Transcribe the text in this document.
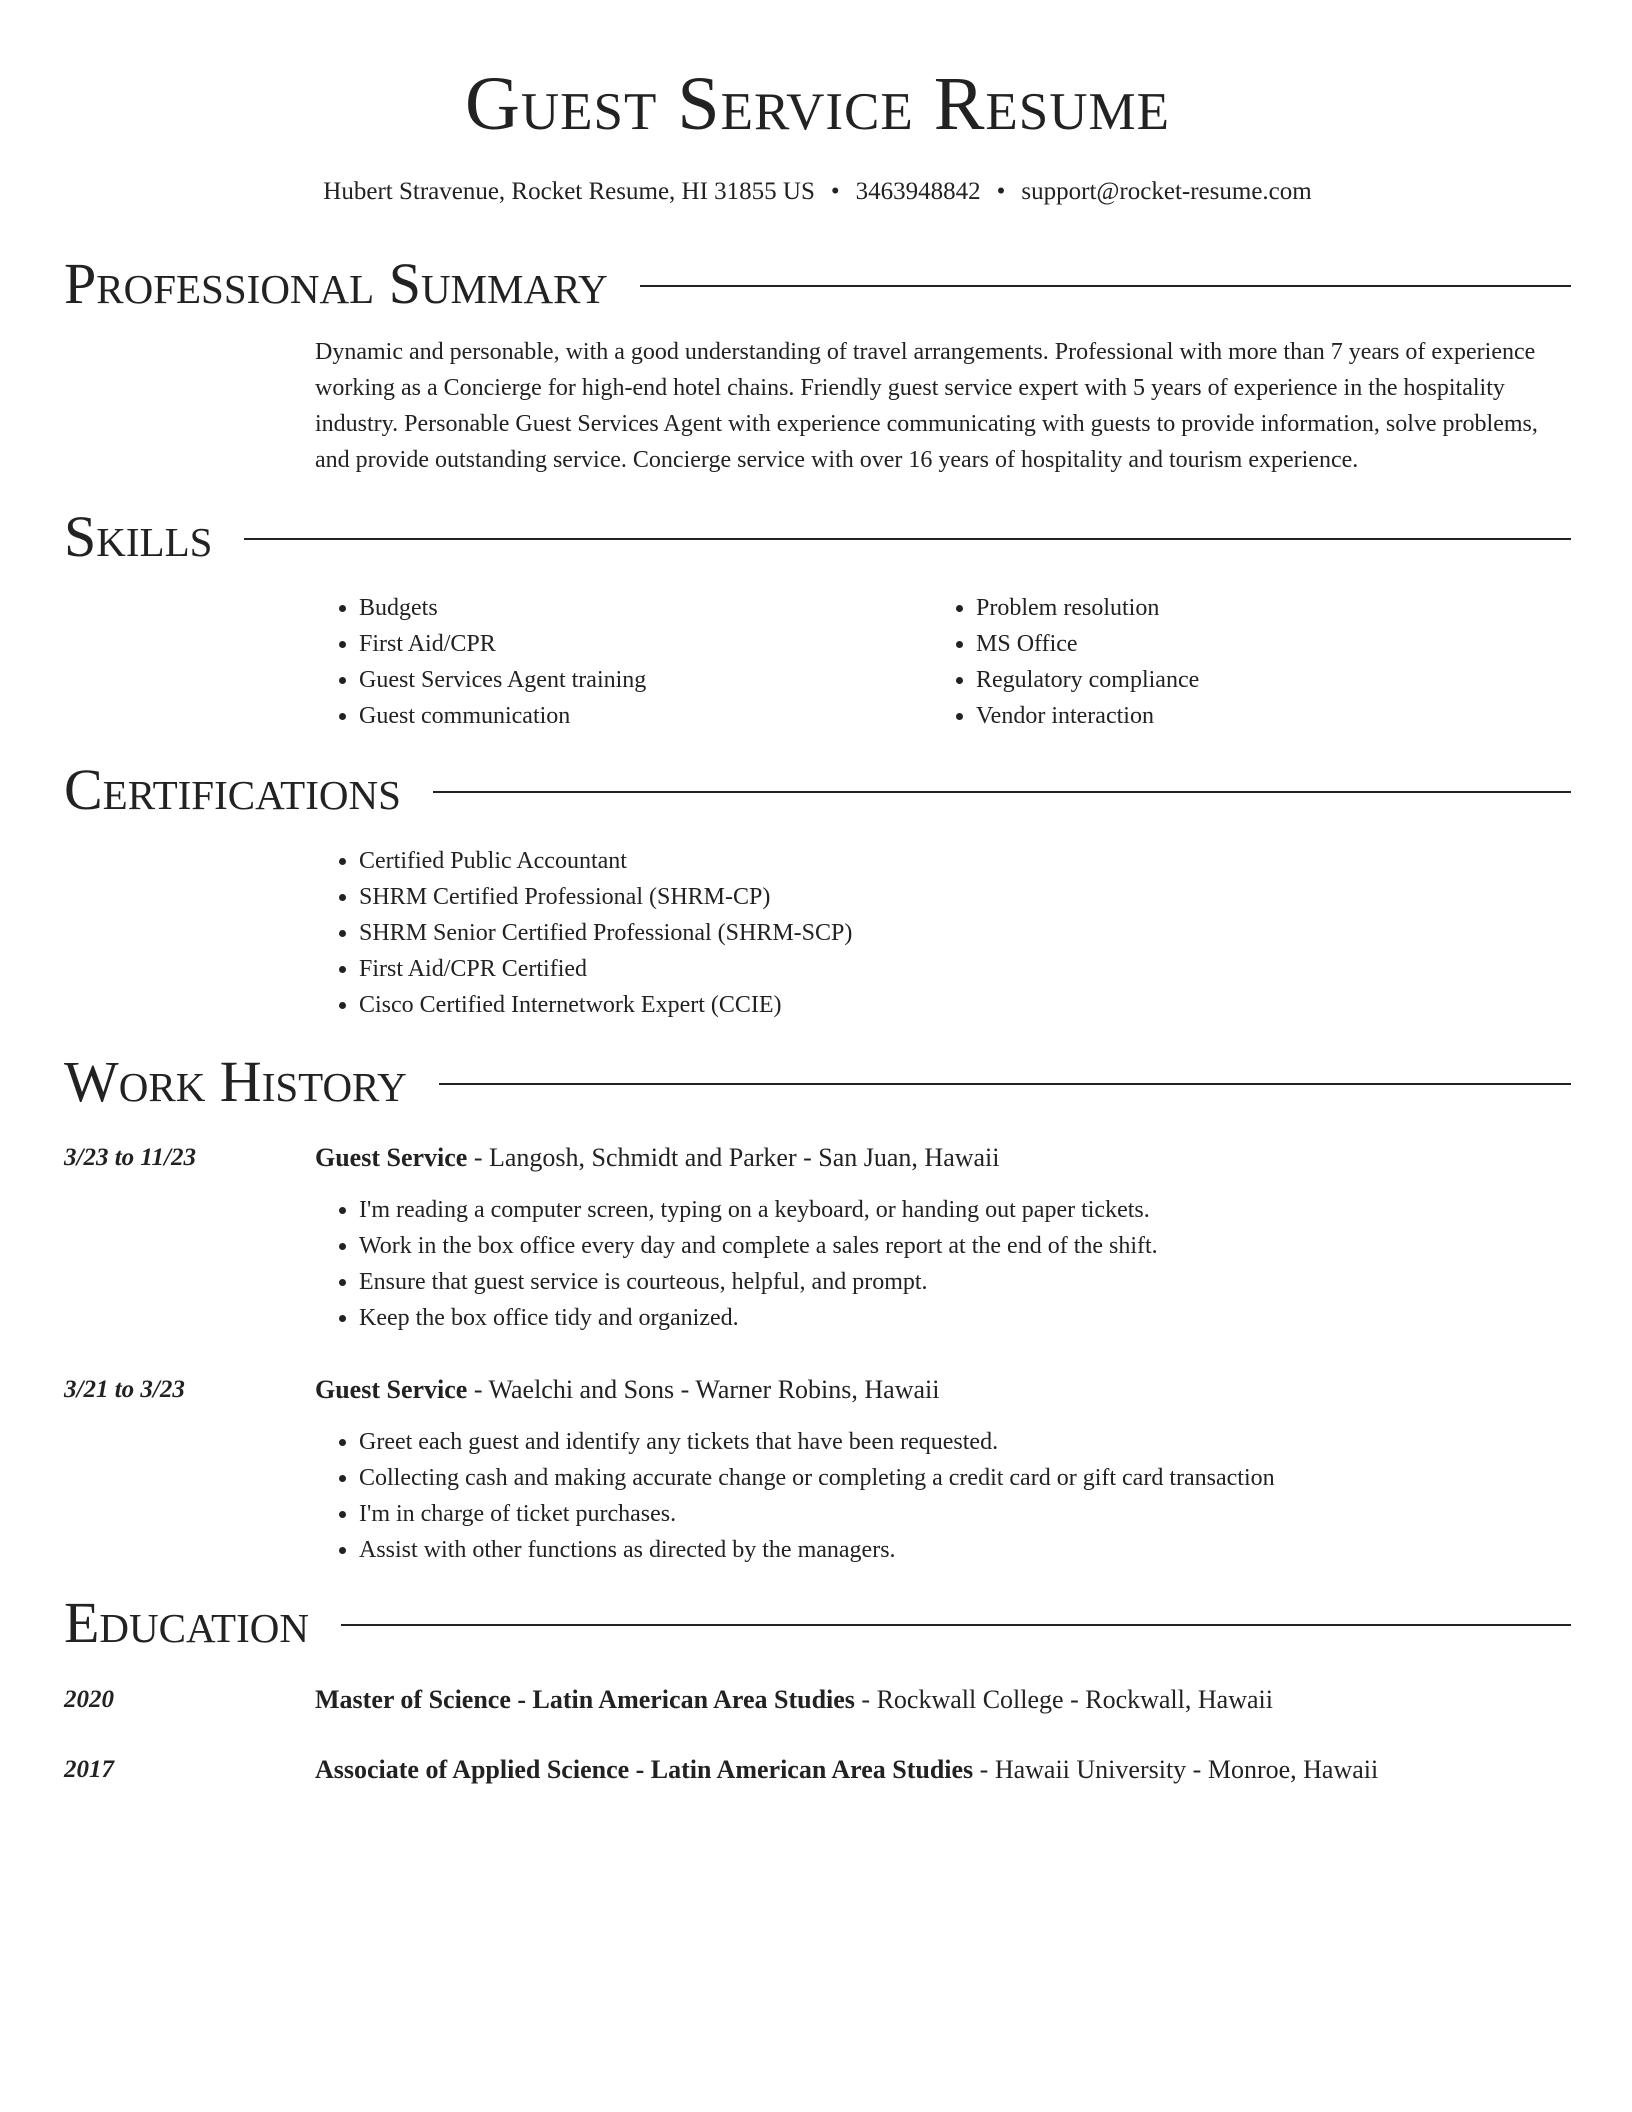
Guest Service Resume
Hubert Stravenue, Rocket Resume, HI 31855 US • 3463948842 • support@rocket-resume.com
Professional Summary
Dynamic and personable, with a good understanding of travel arrangements. Professional with more than 7 years of experience working as a Concierge for high-end hotel chains. Friendly guest service expert with 5 years of experience in the hospitality industry. Personable Guest Services Agent with experience communicating with guests to provide information, solve problems, and provide outstanding service. Concierge service with over 16 years of hospitality and tourism experience.
Skills
• Budgets
• First Aid/CPR
• Guest Services Agent training
• Guest communication
• Problem resolution
• MS Office
• Regulatory compliance
• Vendor interaction
Certifications
• Certified Public Accountant
• SHRM Certified Professional (SHRM-CP)
• SHRM Senior Certified Professional (SHRM-SCP)
• First Aid/CPR Certified
• Cisco Certified Internetwork Expert (CCIE)
Work History
3/23 to 11/23	Guest Service - Langosh, Schmidt and Parker - San Juan, Hawaii
• I'm reading a computer screen, typing on a keyboard, or handing out paper tickets.
• Work in the box office every day and complete a sales report at the end of the shift.
• Ensure that guest service is courteous, helpful, and prompt.
• Keep the box office tidy and organized.
3/21 to 3/23	Guest Service - Waelchi and Sons - Warner Robins, Hawaii
• Greet each guest and identify any tickets that have been requested.
• Collecting cash and making accurate change or completing a credit card or gift card transaction
• I'm in charge of ticket purchases.
• Assist with other functions as directed by the managers.
Education
2020	Master of Science - Latin American Area Studies - Rockwall College - Rockwall, Hawaii
2017	Associate of Applied Science - Latin American Area Studies - Hawaii University - Monroe, Hawaii
